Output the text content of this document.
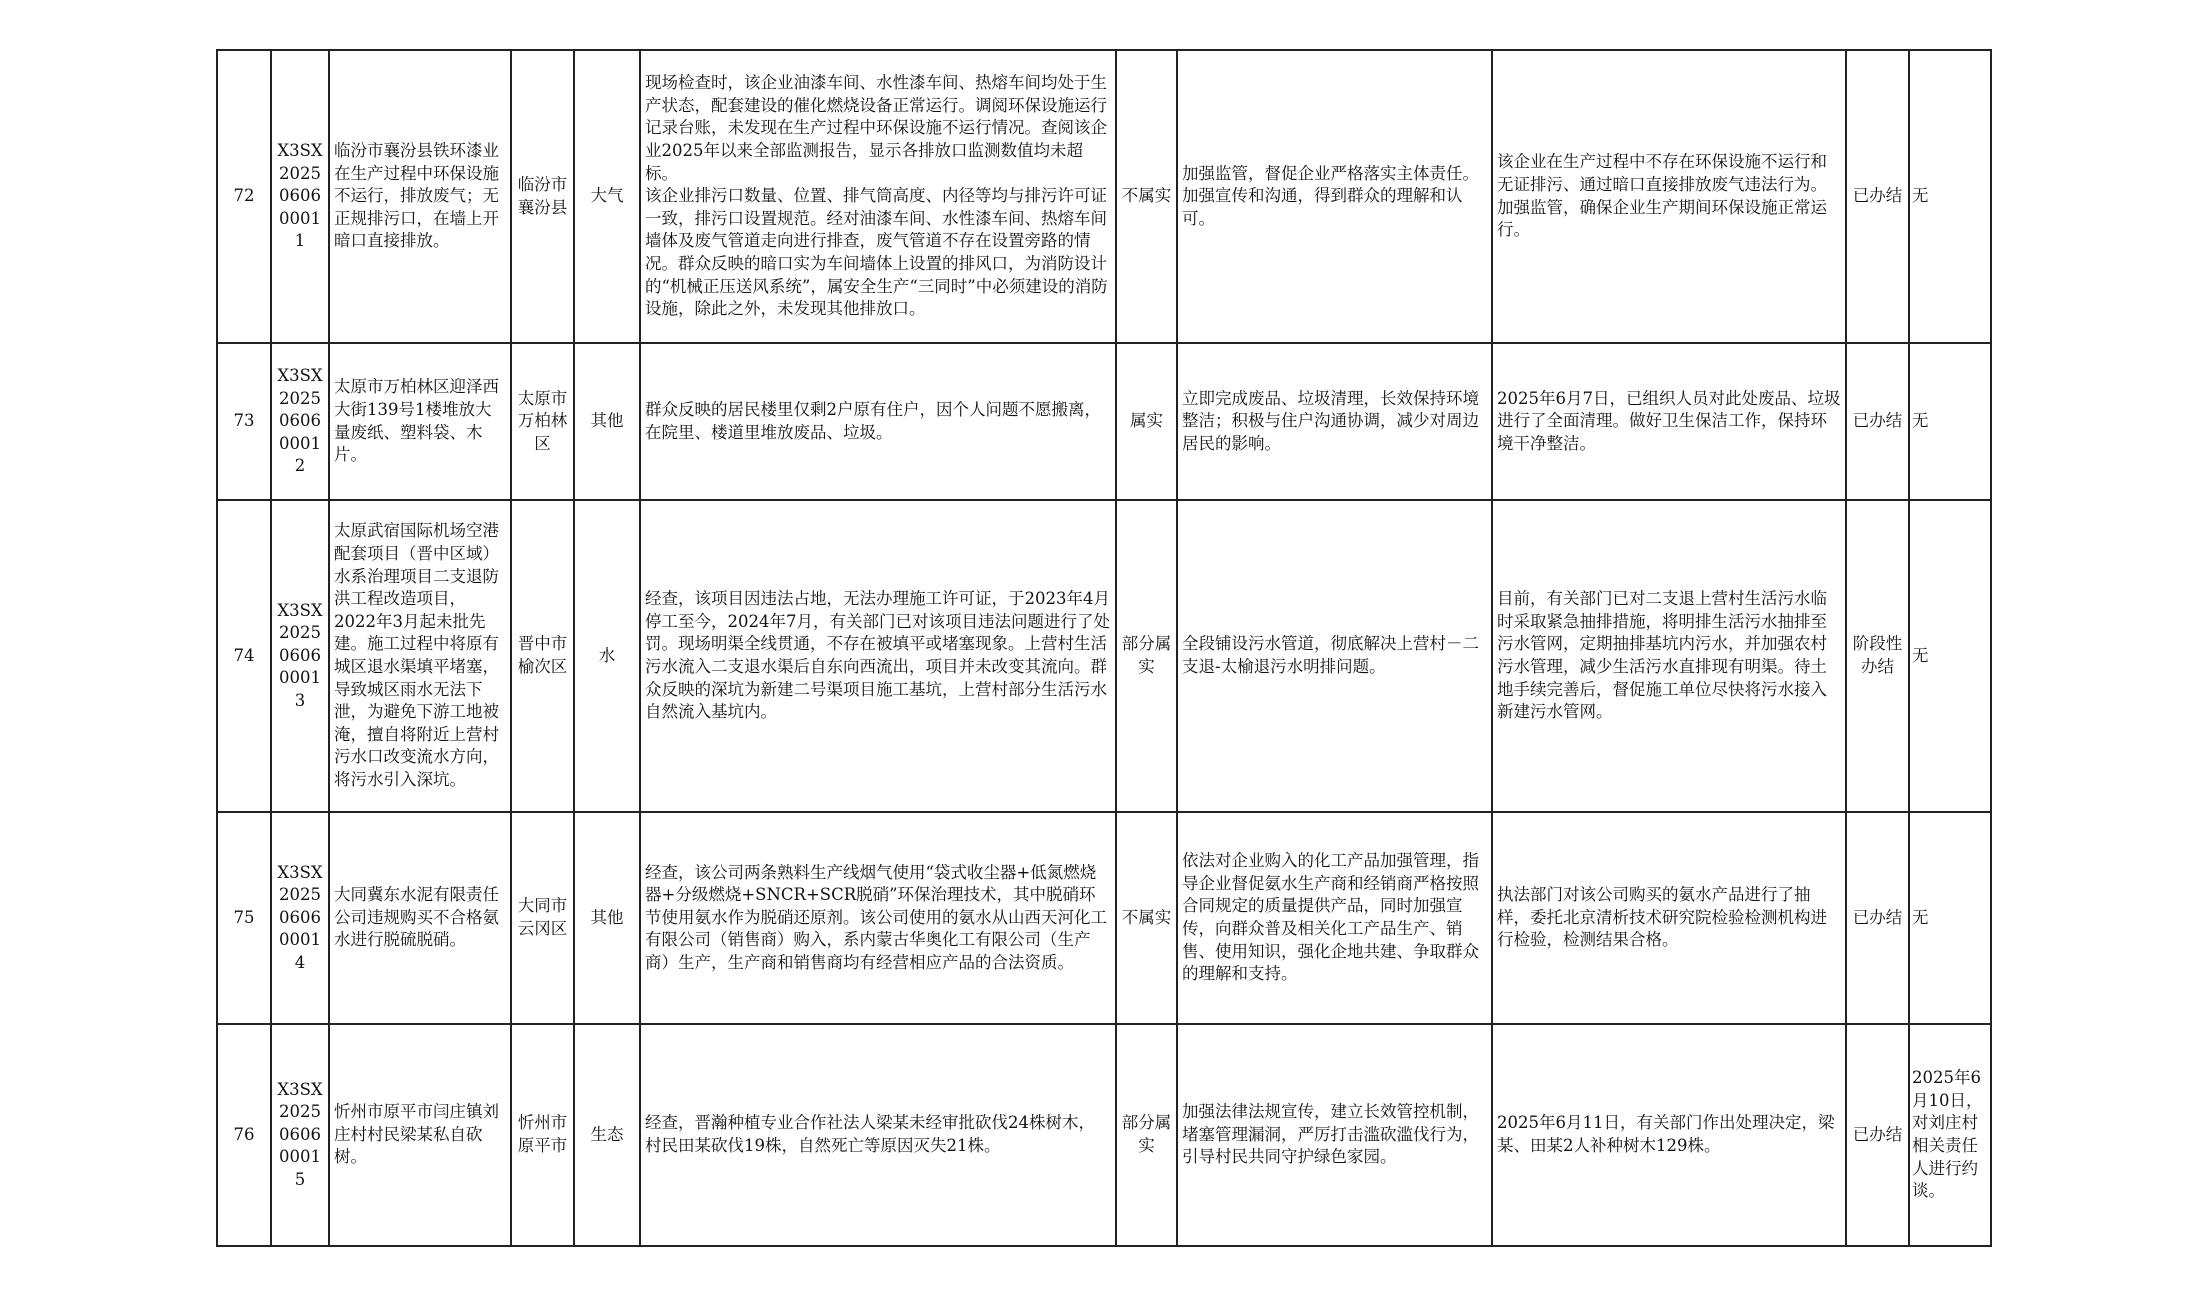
72	X3SX2025060600011	临汾市襄汾县铁环漆业在生产过程中环保设施不运行，排放废气；无正规排污口，在墙上开暗口直接排放。	临汾市襄汾县	大气	现场检查时，该企业油漆车间、水性漆车间、热熔车间均处于生产状态，配套建设的催化燃烧设备正常运行。调阅环保设施运行记录台账，未发现在生产过程中环保设施不运行情况。查阅该企业2025年以来全部监测报告，显示各排放口监测数值均未超标。
该企业排污口数量、位置、排气筒高度、内径等均与排污许可证一致，排污口设置规范。经对油漆车间、水性漆车间、热熔车间墙体及废气管道走向进行排查，废气管道不存在设置旁路的情况。群众反映的暗口实为车间墙体上设置的排风口，为消防设计的“机械正压送风系统”，属安全生产“三同时”中必须建设的消防设施，除此之外，未发现其他排放口。	不属实	加强监管，督促企业严格落实主体责任。加强宣传和沟通，得到群众的理解和认可。	该企业在生产过程中不存在环保设施不运行和无证排污、通过暗口直接排放废气违法行为。加强监管，确保企业生产期间环保设施正常运行。	已办结	无
73	X3SX2025060600012	太原市万柏林区迎泽西大街139号1楼堆放大量废纸、塑料袋、木片。	太原市万柏林区	其他	群众反映的居民楼里仅剩2户原有住户，因个人问题不愿搬离，在院里、楼道里堆放废品、垃圾。	属实	立即完成废品、垃圾清理，长效保持环境整洁；积极与住户沟通协调，减少对周边居民的影响。	2025年6月7日，已组织人员对此处废品、垃圾进行了全面清理。做好卫生保洁工作，保持环境干净整洁。	已办结	无
74	X3SX2025060600013	太原武宿国际机场空港配套项目（晋中区域）水系治理项目二支退防洪工程改造项目，2022年3月起未批先建。施工过程中将原有城区退水渠填平堵塞，导致城区雨水无法下泄，为避免下游工地被淹，擅自将附近上营村污水口改变流水方向，将污水引入深坑。	晋中市榆次区	水	经查，该项目因违法占地，无法办理施工许可证，于2023年4月停工至今，2024年7月，有关部门已对该项目违法问题进行了处罚。现场明渠全线贯通，不存在被填平或堵塞现象。上营村生活污水流入二支退水渠后自东向西流出，项目并未改变其流向。群众反映的深坑为新建二号渠项目施工基坑，上营村部分生活污水自然流入基坑内。	部分属实	全段铺设污水管道，彻底解决上营村－二支退-太榆退污水明排问题。	目前，有关部门已对二支退上营村生活污水临时采取紧急抽排措施，将明排生活污水抽排至污水管网，定期抽排基坑内污水，并加强农村污水管理，减少生活污水直排现有明渠。待土地手续完善后，督促施工单位尽快将污水接入新建污水管网。	阶段性办结	无
75	X3SX2025060600014	大同冀东水泥有限责任公司违规购买不合格氨水进行脱硫脱硝。	大同市云冈区	其他	经查，该公司两条熟料生产线烟气使用“袋式收尘器+低氮燃烧器+分级燃烧+SNCR+SCR脱硝”环保治理技术，其中脱硝环节使用氨水作为脱硝还原剂。该公司使用的氨水从山西天河化工有限公司（销售商）购入，系内蒙古华奥化工有限公司（生产商）生产，生产商和销售商均有经营相应产品的合法资质。	不属实	依法对企业购入的化工产品加强管理，指导企业督促氨水生产商和经销商严格按照合同规定的质量提供产品，同时加强宣传，向群众普及相关化工产品生产、销售、使用知识，强化企地共建、争取群众的理解和支持。	执法部门对该公司购买的氨水产品进行了抽样，委托北京清析技术研究院检验检测机构进行检验，检测结果合格。	已办结	无
76	X3SX2025060600015	忻州市原平市闫庄镇刘庄村村民梁某私自砍
树。	忻州市原平市	生态	经查，晋瀚种植专业合作社法人梁某未经审批砍伐24株树木，村民田某砍伐19株，自然死亡等原因灭失21株。	部分属实	加强法律法规宣传，建立长效管控机制，堵塞管理漏洞，严厉打击滥砍滥伐行为，引导村民共同守护绿色家园。	2025年6月11日，有关部门作出处理决定，梁某、田某2人补种树木129株。	已办结	2025年6月10日，对刘庄村相关责任人进行约谈。
